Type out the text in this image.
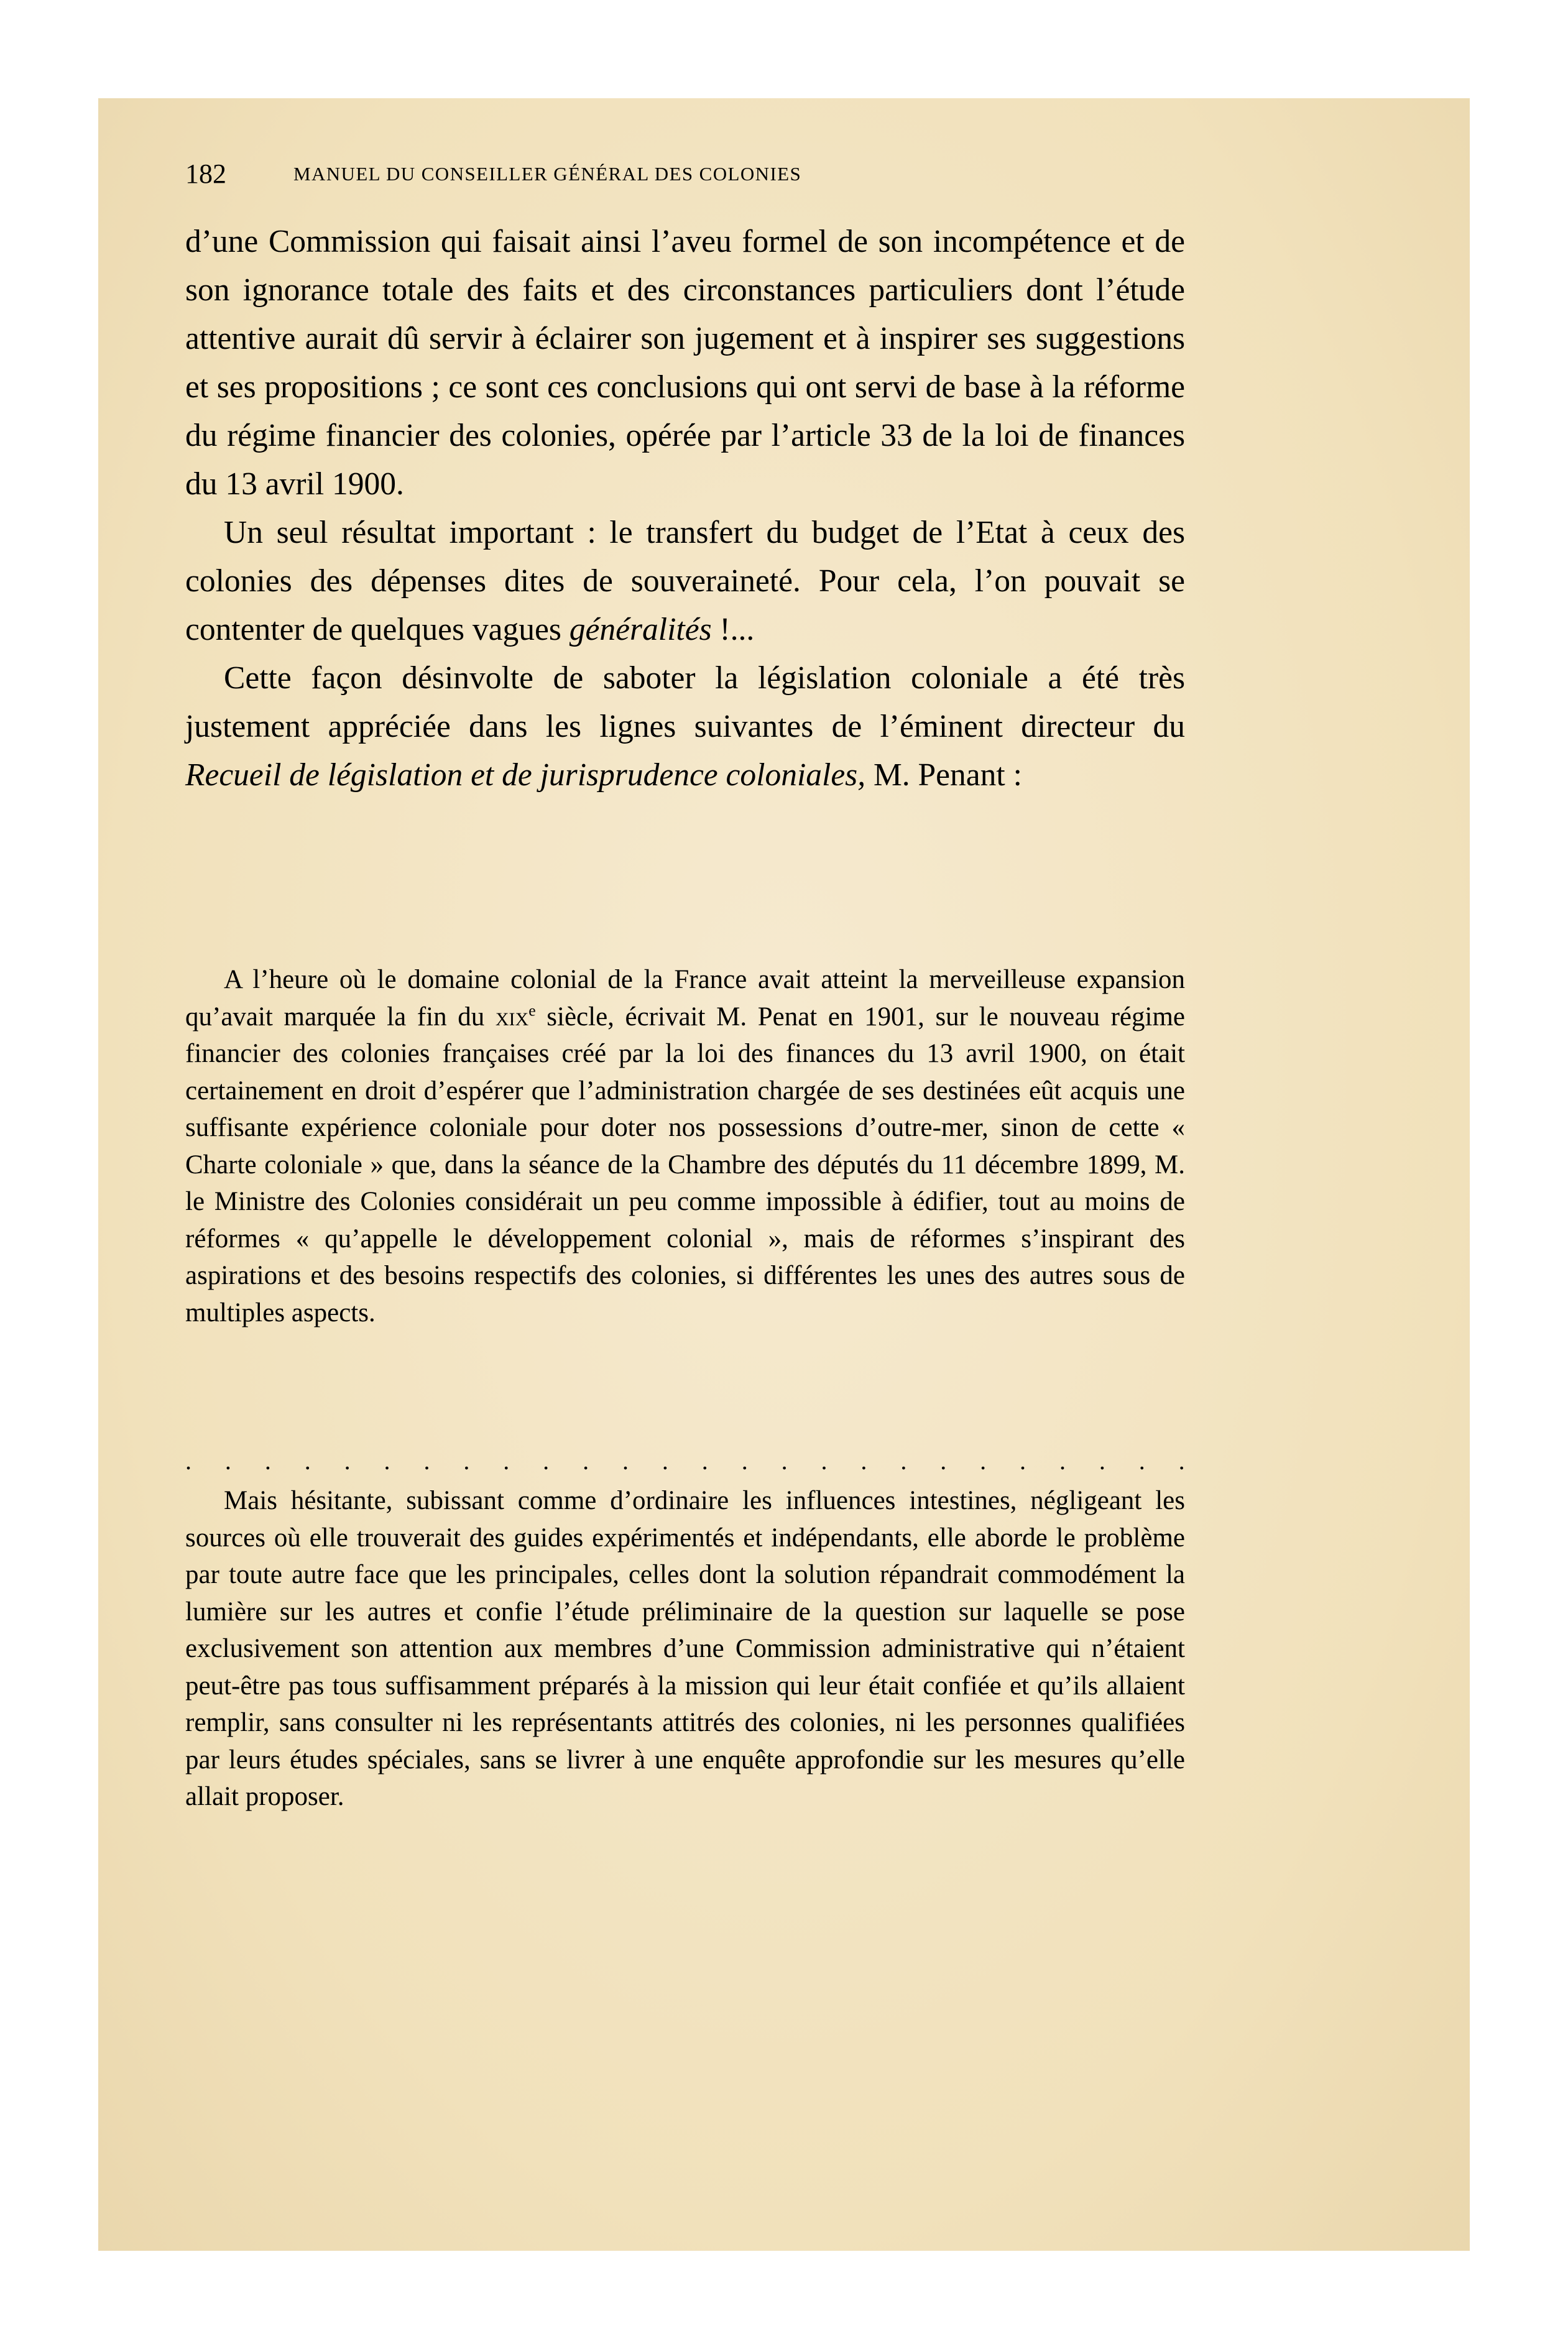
182	MANUEL DU CONSEILLER GÉNÉRAL DES COLONIES

d’une Commission qui faisait ainsi l’aveu formel de son incompétence et de son ignorance totale des faits et des circonstances particuliers dont l’étude attentive aurait dû servir à éclairer son jugement et à inspirer ses suggestions et ses propositions ; ce sont ces conclusions qui ont servi de base à la réforme du régime financier des colonies, opérée par l’article 33 de la loi de finances du 13 avril 1900.

Un seul résultat important : le transfert du budget de l’Etat à ceux des colonies des dépenses dites de souveraineté. Pour cela, l’on pouvait se contenter de quelques vagues généralités !...

Cette façon désinvolte de saboter la législation coloniale a été très justement appréciée dans les lignes suivantes de l’éminent directeur du Recueil de législation et de jurisprudence coloniales, M. Penant :

A l’heure où le domaine colonial de la France avait atteint la merveilleuse expansion qu’avait marquée la fin du xix$^e$ siècle, écrivait M. Penat en 1901, sur le nouveau régime financier des colonies françaises créé par la loi des finances du 13 avril 1900, on était certainement en droit d’espérer que l’administration chargée de ses destinées eût acquis une suffisante expérience coloniale pour doter nos possessions d’outre-mer, sinon de cette « Charte coloniale » que, dans la séance de la Chambre des députés du 11 décembre 1899, M. le Ministre des Colonies considérait un peu comme impossible à édifier, tout au moins de réformes « qu’appelle le développement colonial », mais de réformes s’inspirant des aspirations et des besoins respectifs des colonies, si différentes les unes des autres sous de multiples aspects.

. . . . . . . . . . . . . . . . . . . . . . . . . .

Mais hésitante, subissant comme d’ordinaire les influences intestines, négligeant les sources où elle trouverait des guides expérimentés et indépendants, elle aborde le problème par toute autre face que les principales, celles dont la solution répandrait commodément la lumière sur les autres et confie l’étude préliminaire de la question sur laquelle se pose exclusivement son attention aux membres d’une Commission administrative qui n’étaient peut-être pas tous suffisamment préparés à la mission qui leur était confiée et qu’ils allaient remplir, sans consulter ni les représentants attitrés des colonies, ni les personnes qualifiées par leurs études spéciales, sans se livrer à une enquête approfondie sur les mesures qu’elle allait proposer.
